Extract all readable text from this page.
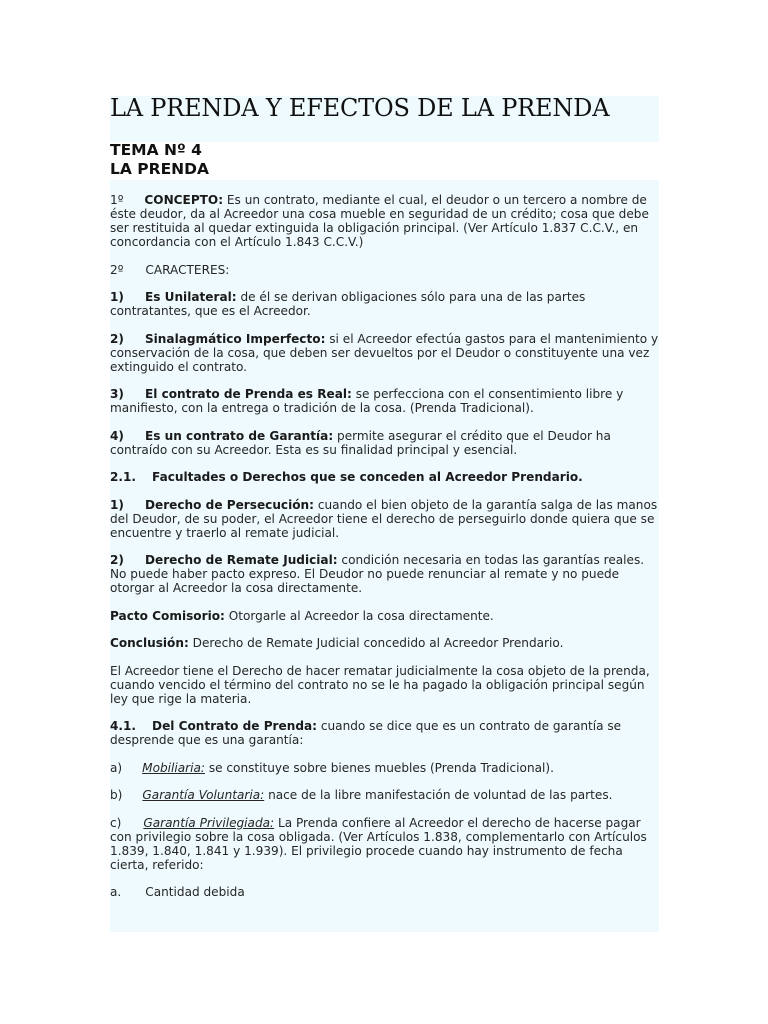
LA PRENDA Y EFECTOS DE LA PRENDA
TEMA Nº 4
LA PRENDA

1º CONCEPTO: Es un contrato, mediante el cual, el deudor o un tercero a nombre de éste deudor, da al Acreedor una cosa mueble en seguridad de un crédito; cosa que debe ser restituida al quedar extinguida la obligación principal. (Ver Artículo 1.837 C.C.V., en concordancia con el Artículo 1.843 C.C.V.)

2º CARACTERES:

1) Es Unilateral: de él se derivan obligaciones sólo para una de las partes contratantes, que es el Acreedor.

2) Sinalagmático Imperfecto: si el Acreedor efectúa gastos para el mantenimiento y conservación de la cosa, que deben ser devueltos por el Deudor o constituyente una vez extinguido el contrato.

3) El contrato de Prenda es Real: se perfecciona con el consentimiento libre y manifiesto, con la entrega o tradición de la cosa. (Prenda Tradicional).

4) Es un contrato de Garantía: permite asegurar el crédito que el Deudor ha contraído con su Acreedor. Esta es su finalidad principal y esencial.

2.1. Facultades o Derechos que se conceden al Acreedor Prendario.

1) Derecho de Persecución: cuando el bien objeto de la garantía salga de las manos del Deudor, de su poder, el Acreedor tiene el derecho de perseguirlo donde quiera que se encuentre y traerlo al remate judicial.

2) Derecho de Remate Judicial: condición necesaria en todas las garantías reales. No puede haber pacto expreso. El Deudor no puede renunciar al remate y no puede otorgar al Acreedor la cosa directamente.

Pacto Comisorio: Otorgarle al Acreedor la cosa directamente.

Conclusión: Derecho de Remate Judicial concedido al Acreedor Prendario.

El Acreedor tiene el Derecho de hacer rematar judicialmente la cosa objeto de la prenda, cuando vencido el término del contrato no se le ha pagado la obligación principal según ley que rige la materia.

4.1. Del Contrato de Prenda: cuando se dice que es un contrato de garantía se desprende que es una garantía:

a) Mobiliaria: se constituye sobre bienes muebles (Prenda Tradicional).

b) Garantía Voluntaria: nace de la libre manifestación de voluntad de las partes.

c) Garantía Privilegiada: La Prenda confiere al Acreedor el derecho de hacerse pagar con privilegio sobre la cosa obligada. (Ver Artículos 1.838, complementarlo con Artículos 1.839, 1.840, 1.841 y 1.939). El privilegio procede cuando hay instrumento de fecha cierta, referido:

a. Cantidad debida
